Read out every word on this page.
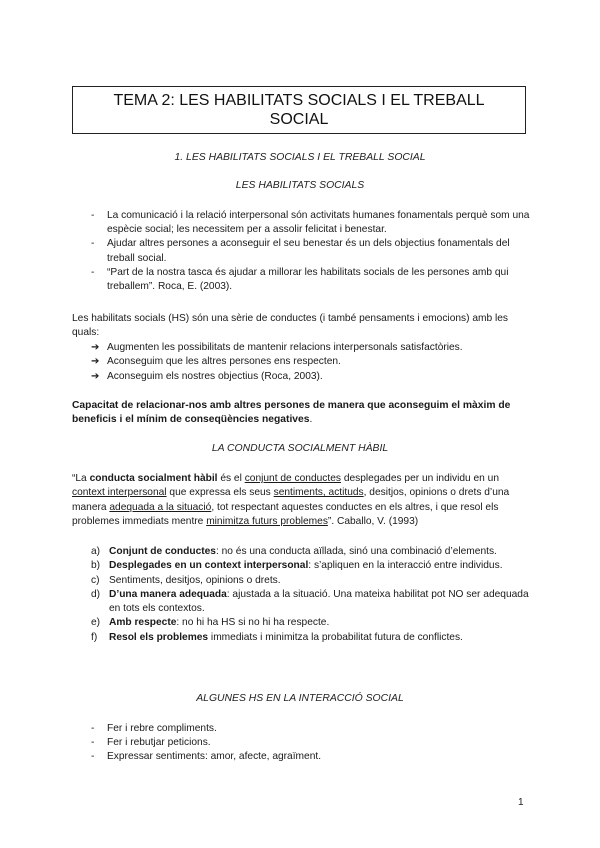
TEMA 2: LES HABILITATS SOCIALS I EL TREBALL SOCIAL
1. LES HABILITATS SOCIALS I EL TREBALL SOCIAL
LES HABILITATS SOCIALS
- La comunicació i la relació interpersonal són activitats humanes fonamentals perquè som una espècie social; les necessitem per a assolir felicitat i benestar.
- Ajudar altres persones a aconseguir el seu benestar és un dels objectius fonamentals del treball social.
- “Part de la nostra tasca és ajudar a millorar les habilitats socials de les persones amb qui treballem”. Roca, E. (2003).

Les habilitats socials (HS) són una sèrie de conductes (i també pensaments i emocions) amb les quals:

➔ Augmenten les possibilitats de mantenir relacions interpersonals satisfactòries.
➔ Aconseguim que les altres persones ens respecten.
➔ Aconseguim els nostres objectius (Roca, 2003).

Capacitat de relacionar-nos amb altres persones de manera que aconseguim el màxim de beneficis i el mínim de conseqüències negatives.

LA CONDUCTA SOCIALMENT HÀBIL

“La conducta socialment hàbil és el conjunt de conductes desplegades per un individu en un context interpersonal que expressa els seus sentiments, actituds, desitjos, opinions o drets d’una manera adequada a la situació, tot respectant aquestes conductes en els altres, i que resol els problemes immediats mentre minimitza futurs problemes”. Caballo, V. (1993)

a) Conjunt de conductes: no és una conducta aïllada, sinó una combinació d’elements.
b) Desplegades en un context interpersonal: s’apliquen en la interacció entre individus.
c) Sentiments, desitjos, opinions o drets.
d) D’una manera adequada: ajustada a la situació. Una mateixa habilitat pot NO ser adequada en tots els contextos.
e) Amb respecte: no hi ha HS si no hi ha respecte.
f) Resol els problemes immediats i minimitza la probabilitat futura de conflictes.
ALGUNES HS EN LA INTERACCIÓ SOCIAL
- Fer i rebre compliments.
- Fer i rebutjar peticions.
- Expressar sentiments: amor, afecte, agraïment.
1
